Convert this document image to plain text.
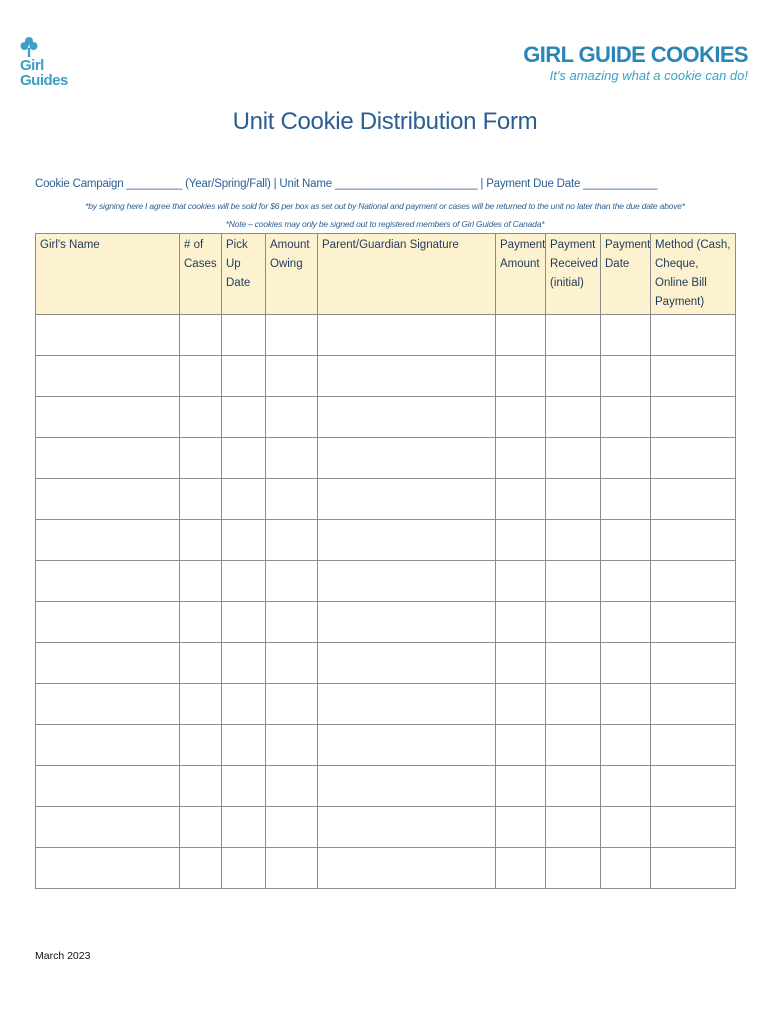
Girl
Guides
GIRL GUIDE COOKIES
It's amazing what a cookie can do!
Unit Cookie Distribution Form
Cookie Campaign _________ (Year/Spring/Fall) | Unit Name _______________________ | Payment Due Date ____________
*by signing here I agree that cookies will be sold for $6 per box as set out by National and payment or cases will be returned to the unit no later than the due date above*
*Note – cookies may only be signed out to registered members of Girl Guides of Canada*
Girl's Name	# of Cases	Pick Up Date	Amount Owing	Parent/Guardian Signature	Payment Amount	Payment Received (initial)	Payment Date	Method (Cash, Cheque, Online Bill Payment)

March 2023
